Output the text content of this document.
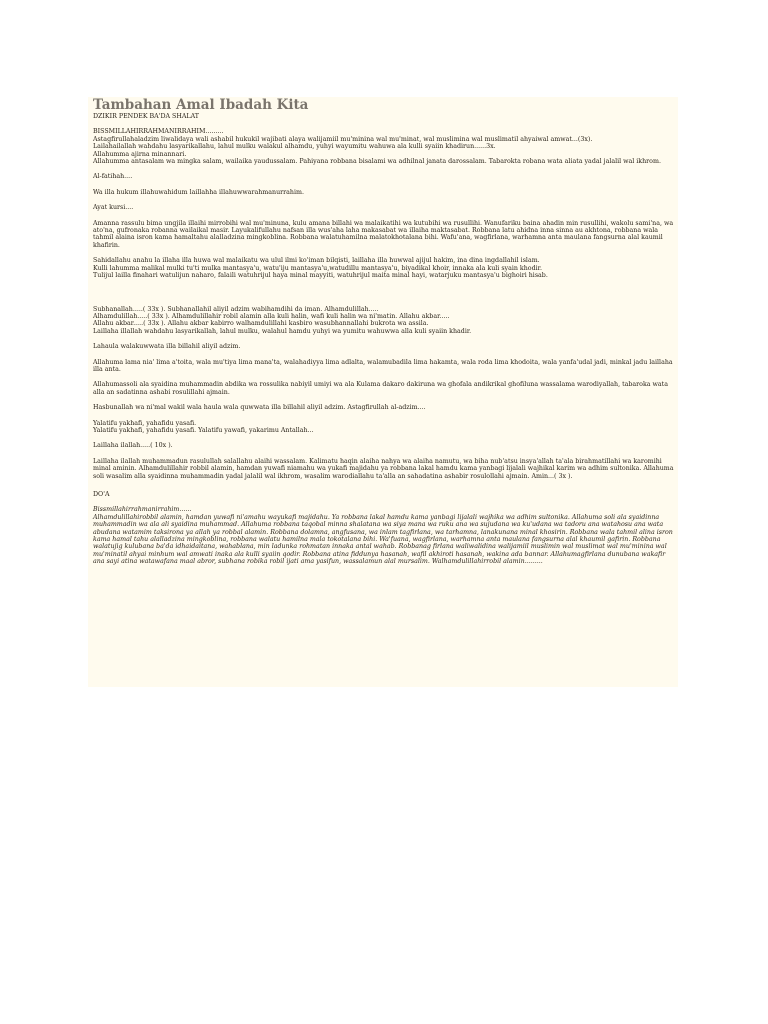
Tambahan Amal Ibadah Kita
DZIKIR PENDEK BA'DA SHALAT
BISSMILLAHIRRAHMANIRRAHIM.........
Astagfirullahaladzim liwalidaya wali ashabil hukukil wajibati alaya walijamiil mu'minina wal mu'minat, wal muslimina wal muslimatil ahyaiwal amwat...(3x).
Lailahailallah wahdahu lasyarikallahu, lahul mulku walakul alhamdu, yuhyi wayumitu wahuwa ala kulli syaiin khadirun......3x.
Allahumma ajirna minannari.
Allahumma antasalam wa mingka salam, wailaika yaudussalam. Pahiyana robbana bisalami wa adhilnal janata darossalam. Tabarokta robana wata aliata yadal jalalil wal ikhrom.
Al-fatihah....
Wa illa hukum illahuwahidum laillahha illahuwwarahmanurrahim.
Ayat kursi....
Amanna rassulu bima ungjila illaihi mirrobihi wal mu'minuna, kulu amana billahi wa malaikatihi wa kutubihi wa rusullihi. Wanufariku baina ahadin min rusullihi, wakolu sami'na, wa ato'na, gufronaka robanna wailaikal masir. Layukalifullahu nafsan illa wus'aha laha makasabat wa illaiha maktasabat. Robbana latu ahidna inna sinna au akhtona, robbana wala tahmil alaina isron kama hamaltahu alalladzina mingkoblina. Robbana walatuhamilna malatokhotalana bihi. Wafu'ana, wagfirlana, warhamna anta maulana fangsurna alal kaumil khafirin.
Sahidallahu anahu la illaha illa huwa wal malaikatu wa ulul ilmi ko'iman bilqisti, laillaha illa huwwal ajijul hakim, ina dina ingdallahil islam.
Kulli lahumma malikal mulki tu'ti mulka mantasya'u, watu'iju mantasya'u,watudillu mantasya'u, biyadikal khoir, innaka ala kuli syain khodir.
Tulijul lailla finahari watulijun naharo, falaili watuhrijul haya minal mayyiti, watuhrijul maita minal hayi, watarjuku mantasya'u bighoiri hisab.
Subhanallah.....( 33x ). Subhanallahil aliyil adzim wabihamdihi da iman. Alhamdulillah.....
Alhamdulillah.....( 33x ). Alhamdulillahir robil alamin alla kuli halin, wafi kuli halin wa ni'matin. Allahu akbar.....
Allahu akbar.....( 33x ). Allahu akbar kabirro walhamdulillahi kasbiro wasubhannallahi bukrota wa assila.
Laillaha illallah wahdahu lasyarikallah, lahul mulku, walahul hamdu yuhyi wa yumitu wahuwwa alla kuli syaiin khadir.
Lahaula walakuwwata illa billahil aliyil adzim.
Allahuma lama nia' lima a'toita, wala mu'tiya lima mana'ta, walahadiyya lima adlalta, walamubadila lima hakamta, wala roda lima khodoita, wala yanfa'udal jadi, minkal jadu laillaha illa anta.
Allahumassoli ala syaidina muhammadin abdika wa rossulika nabiyil umiyi wa ala Kulama dakaro dakiruna wa ghofala andikrikal ghofiluna wassalama warodiyallah, tabaroka wata alla an sadatinna ashabi rosulillahi ajmain.
Hasbunallah wa ni'mal wakil wala haula wala quwwata illa billahil aliyil adzim. Astagfirullah al-adzim....
Yalatifu yakhafi, yahafidu yasafi.
Yalatifu yakhafi, yahafidu yasafi. Yalatifu yawafi, yakarimu Antallah...
Laillaha ilallah.....( 10x ).
Laillaha ilallah muhammadun rasulullah salallahu alaihi wassalam. Kalimatu haqin alaiha nahya wa alaiha namutu, wa biha nub'atsu insya'allah ta'ala birahmatillahi wa karomihi minal aminin. Alhamdulillahir robbil alamin, hamdan yuwafi niamahu wa yukafi majidahu ya robbana lakal hamdu kama yanbagi lijalali wajhikal karim wa adhim sultonika. Allahuma soli wasalim alla syaidinna muhammadin yadal jalalil wal ikhrom, wasalim warodiallahu ta'alla an sahadatina ashabir rosulollahi ajmain. Amin...( 3x ).
DO'A
Bissmillahirrahmanirrahim......
Alhamdulillahirobbil alamin, hamdan yuwafi ni'amahu wayukafi majidahu. Ya robbana lakal hamdu kama yanbagi lijalali wajhika wa adhim sultonika. Allahuma soli ala syaidinna muhammadin wa ala ali syaidina muhammad. Allahuma robbana taqobal minna shalatana wa siya mana wa ruku ana wa sujudana wa ku'udana wa tadoru ana watahosu ana wata abudana watamim taksirona ya allah ya robbal alamin. Robbana dolamna, angfusana, wa inlam tagfirlana, wa tarhamna, lanakunana minal khosirin. Robbana wala tahmil alina isron kama hamal tahu alalladzina mingkoblina, robbana walatu hamilna mala tokotalana bihi. Wa'fuana, wagfirlana, warhamna anta maulana fangsurna alal khaumil gafirin. Robbana walatujig kulubana ba'da idhaidaitana, wahablana, min ladunka rohmatan innaka antal wahab. Robbanag firlana waliwalidina walijamiil muslimin wal muslimat wal mu'minina wal mu'minatil ahyai minhum wal amwati inaka ala kulli syaiin qodir. Robbana atina fiddunya hasanah, wafil akhiroti hasanah, wakina ada bannar. Allahumagfirlana dunubana wakafir ana sayi atina watawafana maal abror, subhana robika robil ijati ama yasifun, wassalamun alal mursalim. Walhamdulillahirrobil alamin.........
